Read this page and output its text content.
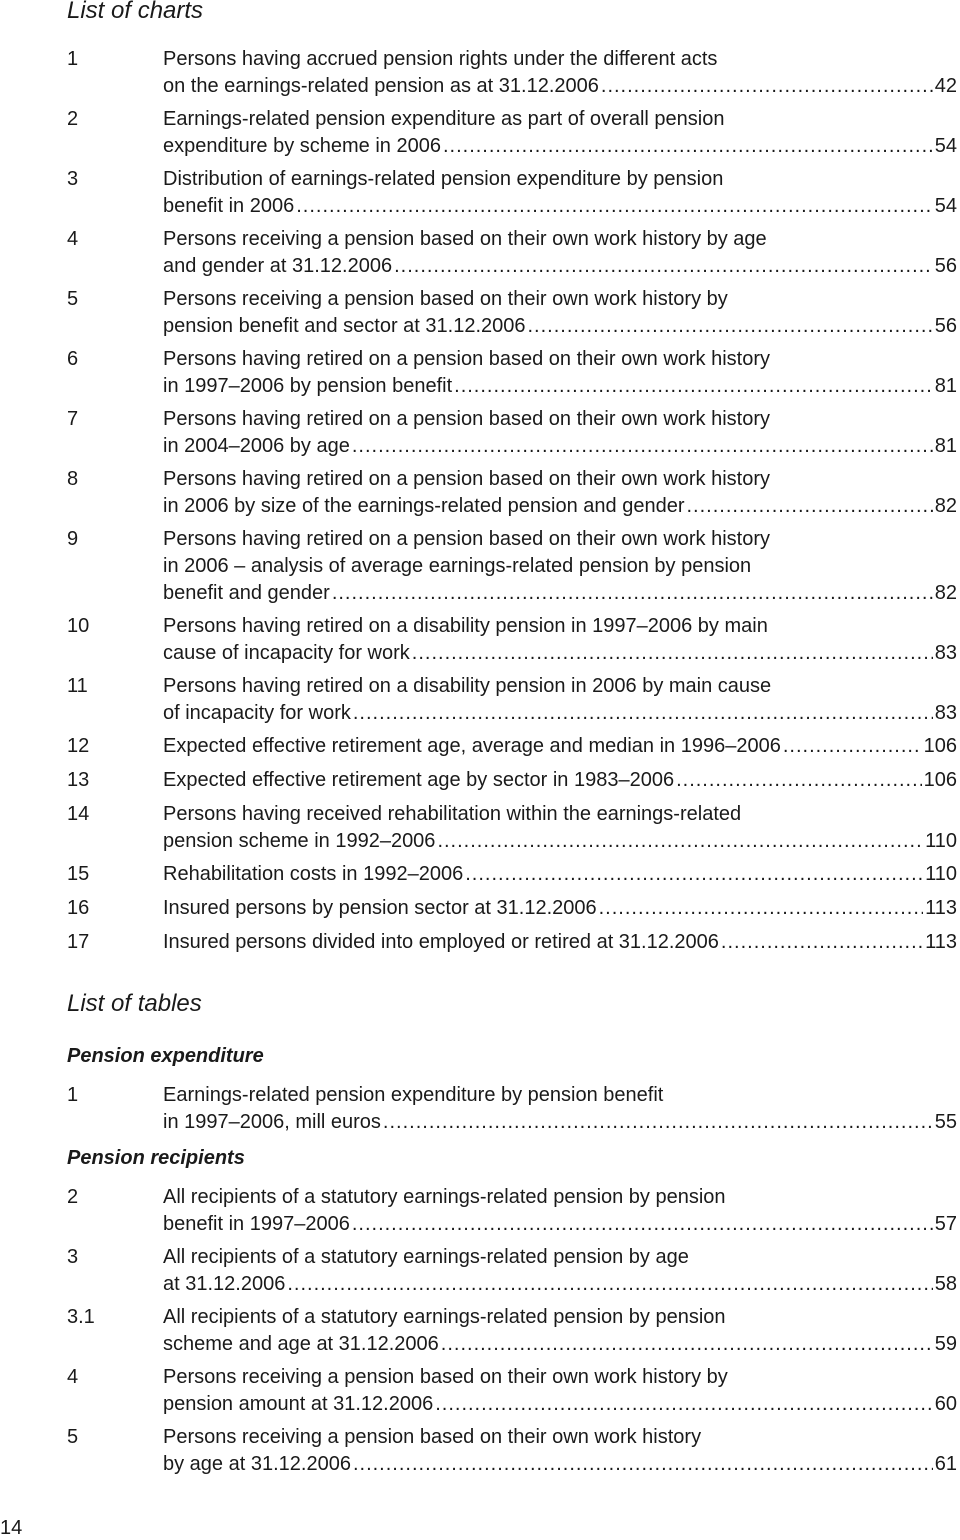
List of charts
1	Persons having accrued pension rights under the different acts
on the earnings-related pension as at 31.12.2006 .....	42
2	Earnings-related pension expenditure as part of overall pension
expenditure by scheme in 2006 .....	54
3	Distribution of earnings-related pension expenditure by pension
benefit in 2006 .....	54
4	Persons receiving a pension based on their own work history by age
and gender at 31.12.2006 .....	56
5	Persons receiving a pension based on their own work history by
pension benefit and sector at 31.12.2006 .....	56
6	Persons having retired on a pension based on their own work history
in 1997–2006 by pension benefit .....	81
7	Persons having retired on a pension based on their own work history
in 2004–2006 by age .....	81
8	Persons having retired on a pension based on their own work history
in 2006 by size of the earnings-related pension and gender .....	82
9	Persons having retired on a pension based on their own work history
in 2006 – analysis of average earnings-related pension by pension
benefit and gender .....	82
10	Persons having retired on a disability pension in 1997–2006 by main
cause of incapacity for work .....	83
11	Persons having retired on a disability pension in 2006 by main cause
of incapacity for work .....	83
12	Expected effective retirement age, average and median in 1996–2006 .....	106
13	Expected effective retirement age by sector in 1983–2006 .....	106
14	Persons having received rehabilitation within the earnings-related
pension scheme in 1992–2006 .....	110
15	Rehabilitation costs in 1992–2006 .....	110
16	Insured persons by pension sector at 31.12.2006 .....	113
17	Insured persons divided into employed or retired at 31.12.2006 .....	113
List of tables
Pension expenditure
1	Earnings-related pension expenditure by pension benefit
in 1997–2006, mill euros .....	55
Pension recipients
2	All recipients of a statutory earnings-related pension by pension
benefit in 1997–2006 .....	57
3	All recipients of a statutory earnings-related pension by age
at 31.12.2006 .....	58
3.1	All recipients of a statutory earnings-related pension by pension
scheme and age at 31.12.2006 .....	59
4	Persons receiving a pension based on their own work history by
pension amount at 31.12.2006 .....	60
5	Persons receiving a pension based on their own work history
by age at 31.12.2006 .....	61
14
